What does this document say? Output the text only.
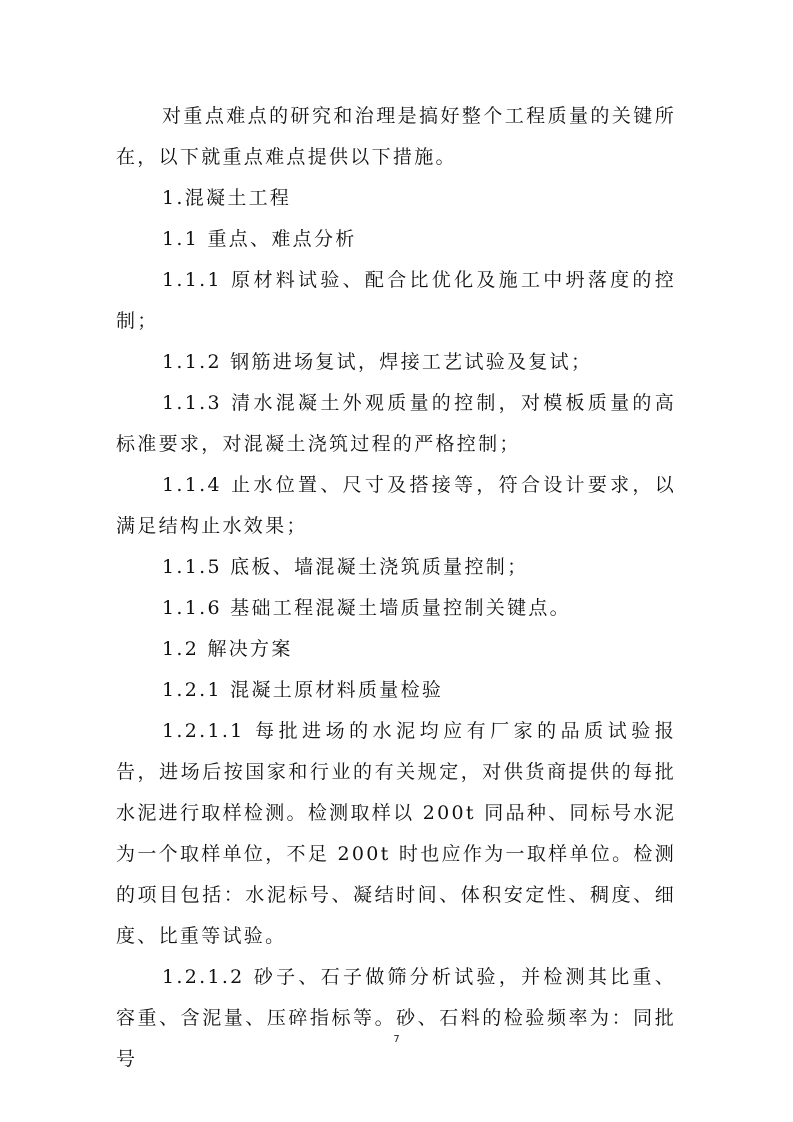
对重点难点的研究和治理是搞好整个工程质量的关键所在，以下就重点难点提供以下措施。

1.混凝土工程

1.1 重点、难点分析

1.1.1 原材料试验、配合比优化及施工中坍落度的控制；

1.1.2 钢筋进场复试，焊接工艺试验及复试；

1.1.3 清水混凝土外观质量的控制，对模板质量的高标准要求，对混凝土浇筑过程的严格控制；

1.1.4 止水位置、尺寸及搭接等，符合设计要求，以满足结构止水效果；

1.1.5 底板、墙混凝土浇筑质量控制；

1.1.6 基础工程混凝土墙质量控制关键点。

1.2 解决方案

1.2.1 混凝土原材料质量检验

1.2.1.1 每批进场的水泥均应有厂家的品质试验报告，进场后按国家和行业的有关规定，对供货商提供的每批水泥进行取样检测。检测取样以 200t 同品种、同标号水泥为一个取样单位，不足 200t 时也应作为一取样单位。检测的项目包括：水泥标号、凝结时间、体积安定性、稠度、细度、比重等试验。

1.2.1.2 砂子、石子做筛分析试验，并检测其比重、容重、含泥量、压碎指标等。砂、石料的检验频率为：同批号

7
